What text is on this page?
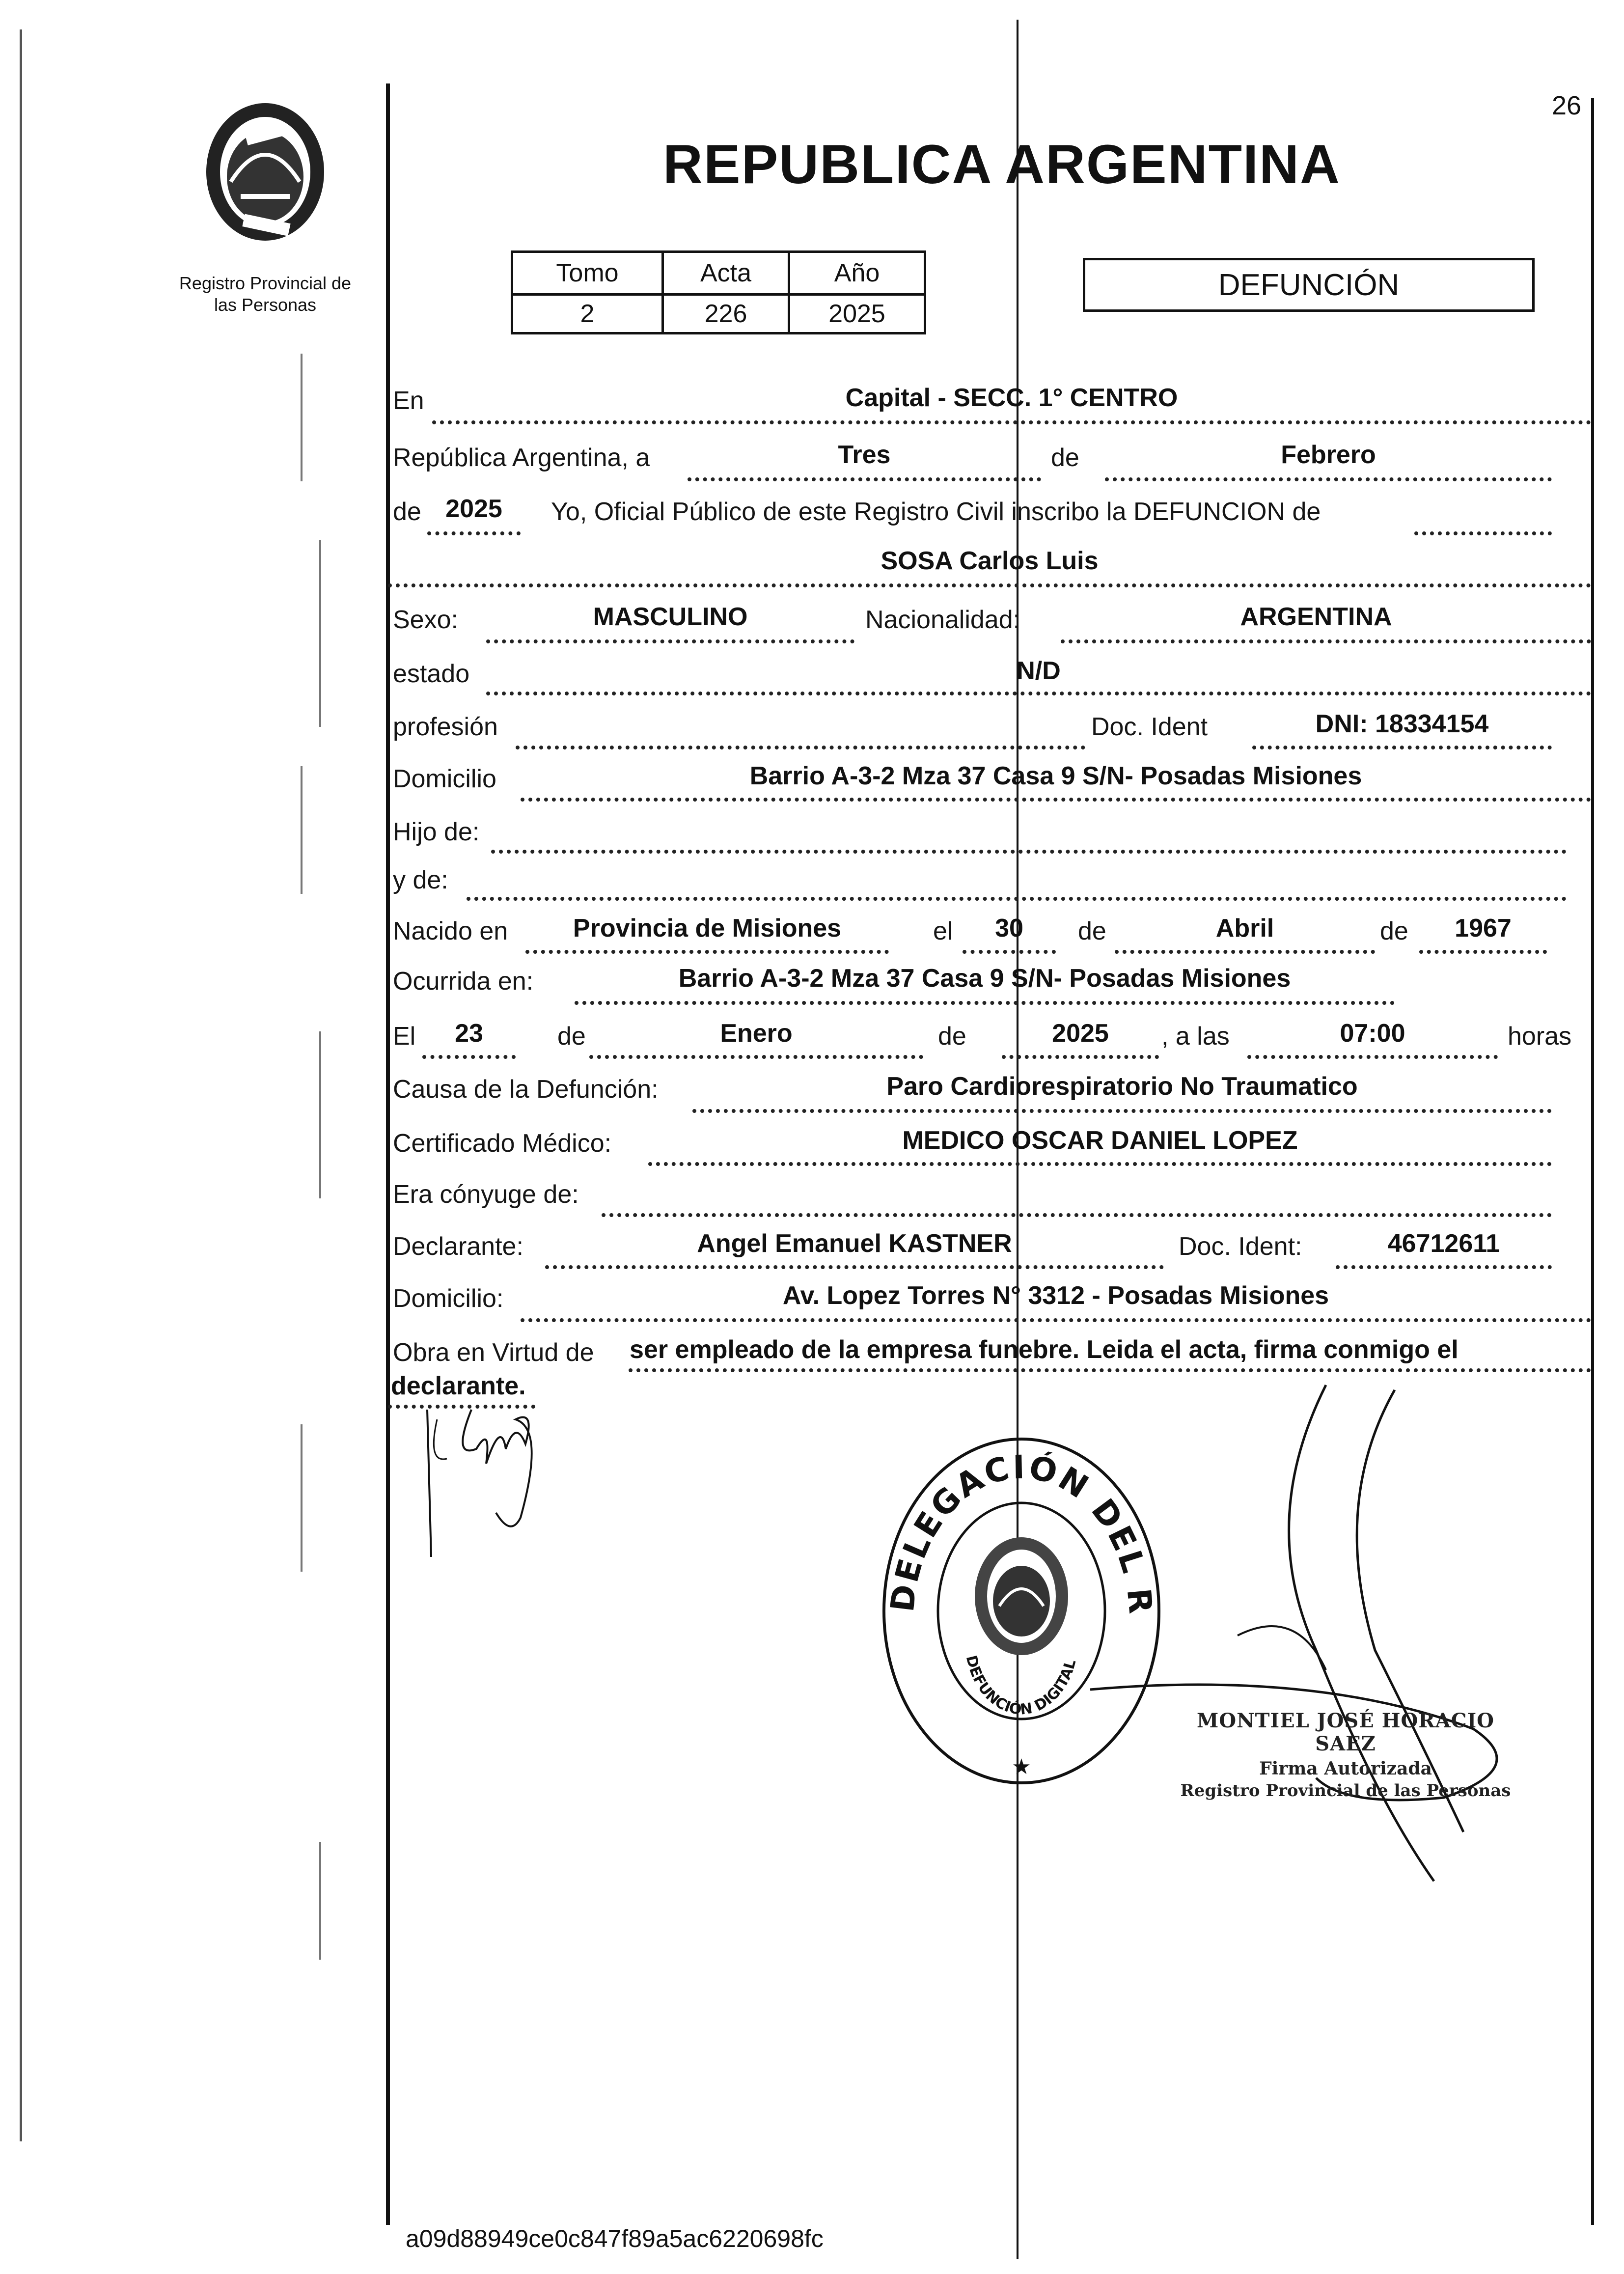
Registro Provincial de
las Personas
REPUBLICA ARGENTINA
26
Tomo	Acta	Año
2	226	2025
DEFUNCIÓN
En	Capital - SECC. 1° CENTRO
República Argentina, a	Tres	de	Febrero
de 2025	Yo, Oficial Público de este Registro Civil inscribo la DEFUNCION de
SOSA Carlos Luis
Sexo:	MASCULINO	Nacionalidad:	ARGENTINA
estado	N/D
profesión	Doc. Ident	DNI: 18334154
Domicilio	Barrio A-3-2 Mza 37 Casa 9 S/N- Posadas Misiones
Hijo de:
y de:
Nacido en	Provincia de Misiones	el	30	de	Abril	de	1967
Ocurrida en:	Barrio A-3-2 Mza 37 Casa 9 S/N- Posadas Misiones
El	23	de	Enero	de	2025	, a las	07:00	horas
Causa de la Defunción:	Paro Cardiorespiratorio No Traumatico
Certificado Médico:	MEDICO OSCAR DANIEL LOPEZ
Era cónyuge de:
Declarante:	Angel Emanuel KASTNER	Doc. Ident:	46712611
Domicilio:	Av. Lopez Torres N° 3312 - Posadas Misiones
Obra en Virtud de ser empleado de la empresa funebre. Leida el acta, firma conmigo el
declarante.
DELEGACIÓN DEL R
DEFUNCIÓN DIGITAL
★
MONTIEL JOSÉ HORACIO SAEZ
Firma Autorizada
Registro Provincial de las Personas
a09d88949ce0c847f89a5ac6220698fc
